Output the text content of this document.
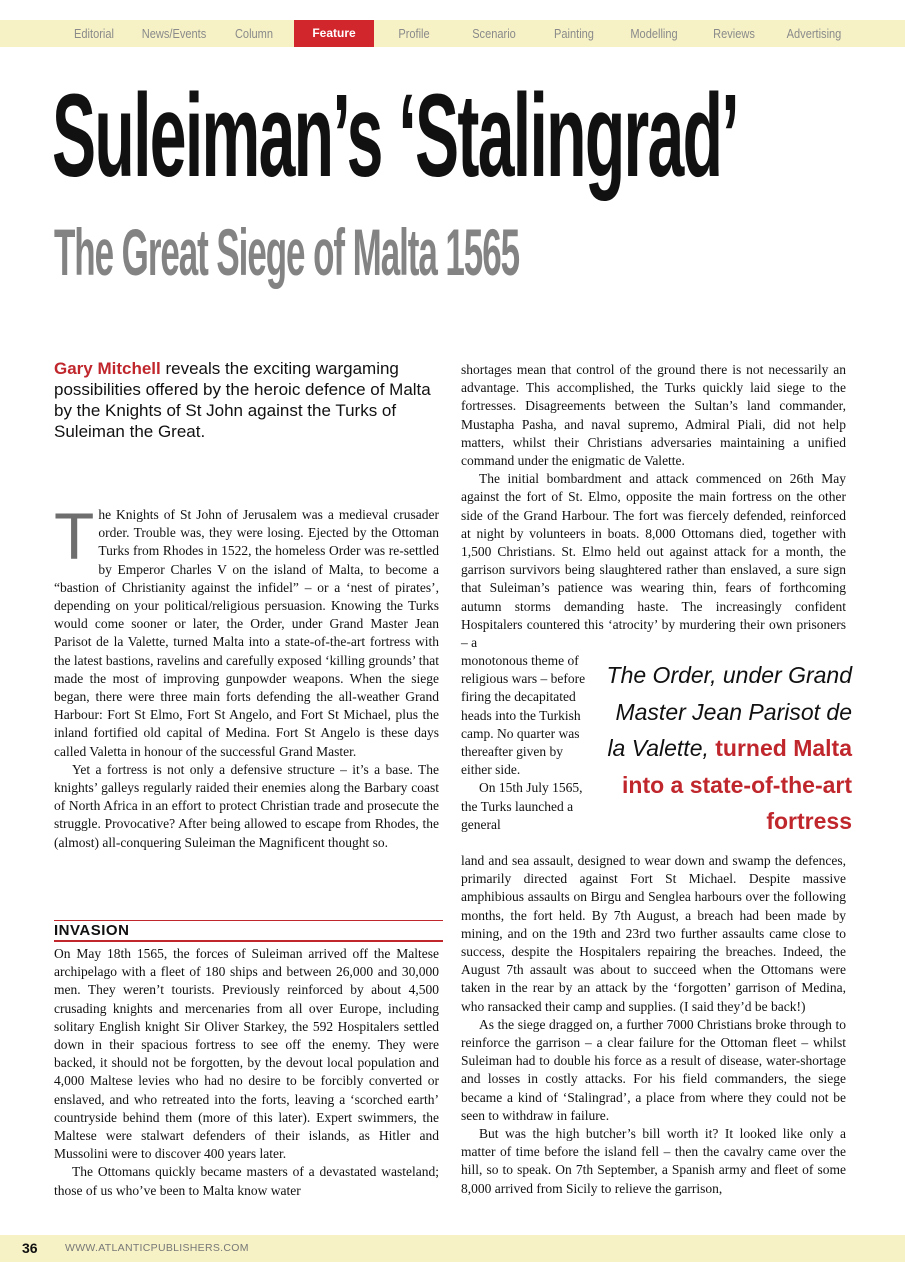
Editorial	News/Events	Column	Feature	Profile	Scenario	Painting	Modelling	Reviews	Advertising
Suleiman’s ‘Stalingrad’
The Great Siege of Malta 1565

Gary Mitchell reveals the exciting wargaming possibilities offered by the heroic defence of Malta by the Knights of St John against the Turks of Suleiman the Great.

The Knights of St John of Jerusalem was a medieval crusader order. Trouble was, they were losing. Ejected by the Ottoman Turks from Rhodes in 1522, the homeless Order was re-settled by Emperor Charles V on the island of Malta, to become a “bastion of Christianity against the infidel” – or a ‘nest of pirates’, depending on your political/religious persuasion. Knowing the Turks would come sooner or later, the Order, under Grand Master Jean Parisot de la Valette, turned Malta into a state-of-the-art fortress with the latest bastions, ravelins and carefully exposed ‘killing grounds’ that made the most of improving gunpowder weapons. When the siege began, there were three main forts defending the all-weather Grand Harbour: Fort St Elmo, Fort St Angelo, and Fort St Michael, plus the inland fortified old capital of Medina. Fort St Angelo is these days called Valetta in honour of the successful Grand Master.

Yet a fortress is not only a defensive structure – it’s a base. The knights’ galleys regularly raided their enemies along the Barbary coast of North Africa in an effort to protect Christian trade and prosecute the struggle. Provocative? After being allowed to escape from Rhodes, the (almost) all-conquering Suleiman the Magnificent thought so.

INVASION

On May 18th 1565, the forces of Suleiman arrived off the Maltese archipelago with a fleet of 180 ships and between 26,000 and 30,000 men. They weren’t tourists. Previously reinforced by about 4,500 crusading knights and mercenaries from all over Europe, including solitary English knight Sir Oliver Starkey, the 592 Hospitalers settled down in their spacious fortress to see off the enemy. They were backed, it should not be forgotten, by the devout local population and 4,000 Maltese levies who had no desire to be forcibly converted or enslaved, and who retreated into the forts, leaving a ‘scorched earth’ countryside behind them (more of this later). Expert swimmers, the Maltese were stalwart defenders of their islands, as Hitler and Mussolini were to discover 400 years later.

The Ottomans quickly became masters of a devastated wasteland; those of us who’ve been to Malta know water

shortages mean that control of the ground there is not necessarily an advantage. This accomplished, the Turks quickly laid siege to the fortresses. Disagreements between the Sultan’s land commander, Mustapha Pasha, and naval supremo, Admiral Piali, did not help matters, whilst their Christians adversaries maintaining a unified command under the enigmatic de Valette.

The initial bombardment and attack commenced on 26th May against the fort of St. Elmo, opposite the main fortress on the other side of the Grand Harbour. The fort was fiercely defended, reinforced at night by volunteers in boats. 8,000 Ottomans died, together with 1,500 Christians. St. Elmo held out against attack for a month, the garrison survivors being slaughtered rather than enslaved, a sure sign that Suleiman’s patience was wearing thin, fears of forthcoming autumn storms demanding haste. The increasingly confident Hospitalers countered this ‘atrocity’ by murdering their own prisoners – a

monotonous theme of religious wars – before firing the decapitated heads into the Turkish camp. No quarter was thereafter given by either side.

On 15th July 1565, the Turks launched a general

The Order, under Grand Master Jean Parisot de la Valette, turned Malta into a state-of-the-art fortress

land and sea assault, designed to wear down and swamp the defences, primarily directed against Fort St Michael. Despite massive amphibious assaults on Birgu and Senglea harbours over the following months, the fort held. By 7th August, a breach had been made by mining, and on the 19th and 23rd two further assaults came close to success, despite the Hospitalers repairing the breaches. Indeed, the August 7th assault was about to succeed when the Ottomans were taken in the rear by an attack by the ‘forgotten’ garrison of Medina, who ransacked their camp and supplies. (I said they’d be back!)

As the siege dragged on, a further 7000 Christians broke through to reinforce the garrison – a clear failure for the Ottoman fleet – whilst Suleiman had to double his force as a result of disease, water-shortage and losses in costly attacks. For his field commanders, the siege became a kind of ‘Stalingrad’, a place from where they could not be seen to withdraw in failure.

But was the high butcher’s bill worth it? It looked like only a matter of time before the island fell – then the cavalry came over the hill, so to speak. On 7th September, a Spanish army and fleet of some 8,000 arrived from Sicily to relieve the garrison,

36	WWW.ATLANTICPUBLISHERS.COM
